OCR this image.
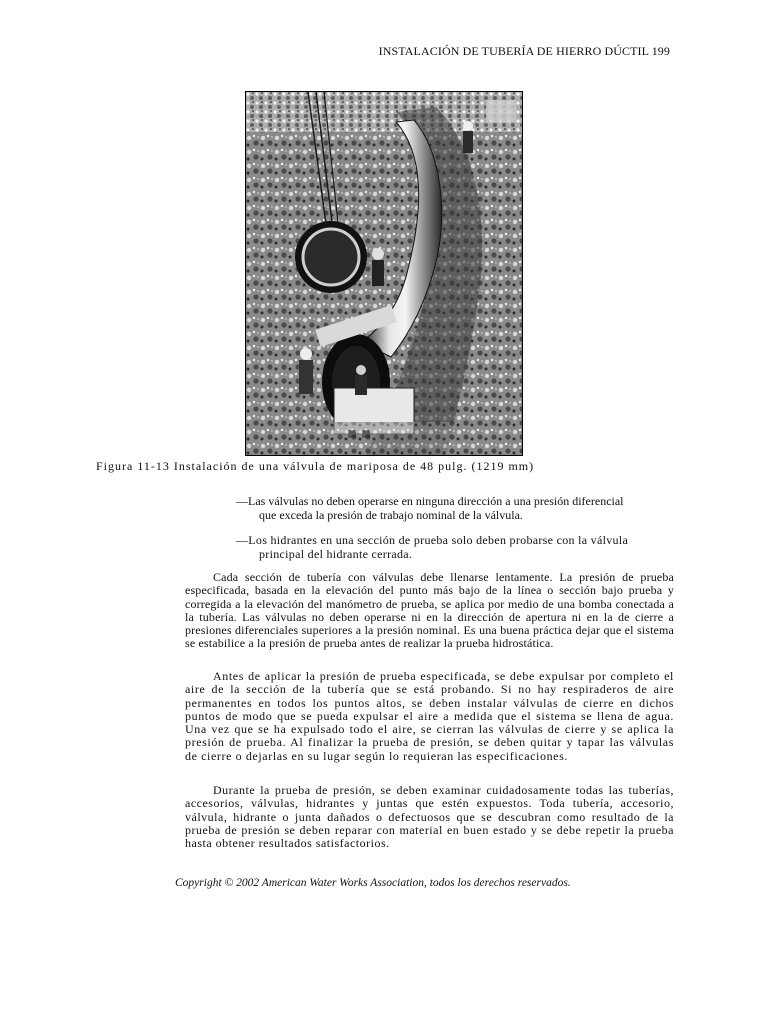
INSTALACIÓN DE TUBERÍA DE HIERRO DÚCTIL 199
Figura 11-13 Instalación de una válvula de mariposa de 48 pulg. (1219 mm)
—Las válvulas no deben operarse en ninguna dirección a una presión diferencial
que exceda la presión de trabajo nominal de la válvula.
—Los hidrantes en una sección de prueba solo deben probarse con la válvula
principal del hidrante cerrada.

Cada sección de tubería con válvulas debe llenarse lentamente. La presión de prueba especificada, basada en la elevación del punto más bajo de la línea o sección bajo prueba y corregida a la elevación del manómetro de prueba, se aplica por medio de una bomba conectada a la tubería. Las válvulas no deben operarse ni en la dirección de apertura ni en la de cierre a presiones diferenciales superiores a la presión nominal. Es una buena práctica dejar que el sistema se estabilice a la presión de prueba antes de realizar la prueba hidrostática.

Antes de aplicar la presión de prueba especificada, se debe expulsar por completo el aire de la sección de la tubería que se está probando. Si no hay respiraderos de aire permanentes en todos los puntos altos, se deben instalar válvulas de cierre en dichos puntos de modo que se pueda expulsar el aire a medida que el sistema se llena de agua. Una vez que se ha expulsado todo el aire, se cierran las válvulas de cierre y se aplica la presión de prueba. Al finalizar la prueba de presión, se deben quitar y tapar las válvulas de cierre o dejarlas en su lugar según lo requieran las especificaciones.

Durante la prueba de presión, se deben examinar cuidadosamente todas las tuberías, accesorios, válvulas, hidrantes y juntas que estén expuestos. Toda tubería, accesorio, válvula, hidrante o junta dañados o defectuosos que se descubran como resultado de la prueba de presión se deben reparar con material en buen estado y se debe repetir la prueba hasta obtener resultados satisfactorios.

Copyright © 2002 American Water Works Association, todos los derechos reservados.
